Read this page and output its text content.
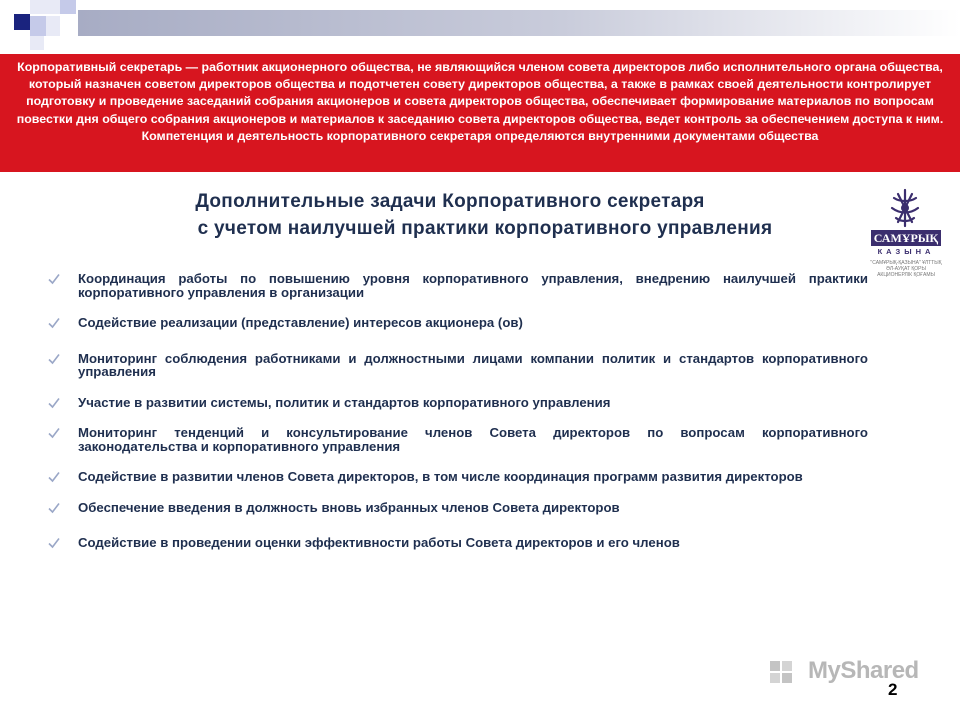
Корпоративный секретарь — работник акционерного общества, не являющийся членом совета директоров либо исполнительного органа общества, который назначен советом директоров общества и подотчетен совету директоров общества, а также в рамках своей деятельности контролирует подготовку и проведение заседаний собрания акционеров и совета директоров общества, обеспечивает формирование материалов по вопросам повестки дня общего собрания акционеров и материалов к заседанию совета директоров общества, ведет контроль за обеспечением доступа к ним. Компетенция и деятельность корпоративного секретаря определяются внутренними документами общества
Дополнительные задачи Корпоративного секретаря
с учетом наилучшей практики корпоративного управления	САМҰРЫҚ
КАЗЫНА
"САМҰРЫҚ-ҚАЗЫНА" ҰЛТТЫҚ ӘЛ-АУҚАТ ҚОРЫ АКЦИОНЕРЛІК ҚОҒАМЫ
Координация работы по повышению уровня корпоративного управления, внедрению наилучшей практики корпоративного управления в организации
Содействие реализации (представление) интересов акционера (ов)
Мониторинг соблюдения работниками и должностными лицами компании политик и стандартов корпоративного управления
Участие в развитии системы, политик и стандартов корпоративного управления
Мониторинг тенденций и консультирование членов Совета директоров по вопросам корпоративного законодательства и корпоративного управления
Содействие в развитии членов Совета директоров, в том числе координация программ развития директоров
Обеспечение введения в должность вновь избранных членов Совета директоров
Содействие в проведении оценки эффективности работы Совета директоров и его членов
MyShared
2
